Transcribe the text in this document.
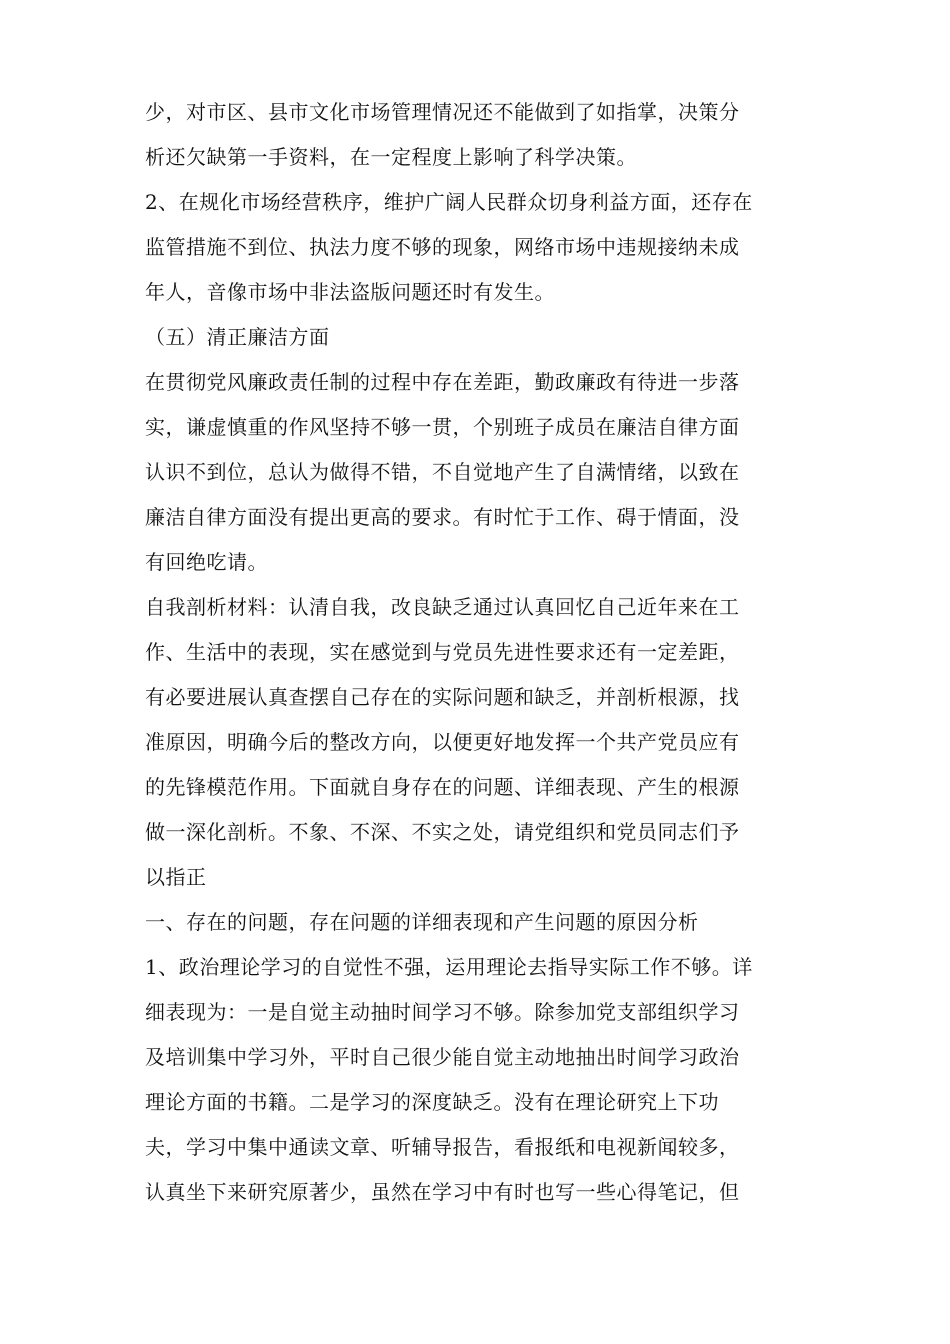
少，对市区、县市文化市场管理情况还不能做到了如指掌，决策分
析还欠缺第一手资料，在一定程度上影响了科学决策。
2、在规化市场经营秩序，维护广阔人民群众切身利益方面，还存在
监管措施不到位、执法力度不够的现象，网络市场中违规接纳未成
年人，音像市场中非法盗版问题还时有发生。
（五）清正廉洁方面
在贯彻党风廉政责任制的过程中存在差距，勤政廉政有待进一步落
实，谦虚慎重的作风坚持不够一贯，个别班子成员在廉洁自律方面
认识不到位，总认为做得不错，不自觉地产生了自满情绪，以致在
廉洁自律方面没有提出更高的要求。有时忙于工作、碍于情面，没
有回绝吃请。
自我剖析材料：认清自我，改良缺乏通过认真回忆自己近年来在工
作、生活中的表现，实在感觉到与党员先进性要求还有一定差距，
有必要进展认真查摆自己存在的实际问题和缺乏，并剖析根源，找
准原因，明确今后的整改方向，以便更好地发挥一个共产党员应有
的先锋模范作用。下面就自身存在的问题、详细表现、产生的根源
做一深化剖析。不象、不深、不实之处，请党组织和党员同志们予
以指正
一、存在的问题，存在问题的详细表现和产生问题的原因分析
1、政治理论学习的自觉性不强，运用理论去指导实际工作不够。详
细表现为：一是自觉主动抽时间学习不够。除参加党支部组织学习
及培训集中学习外，平时自己很少能自觉主动地抽出时间学习政治
理论方面的书籍。二是学习的深度缺乏。没有在理论研究上下功
夫，学习中集中通读文章、听辅导报告，看报纸和电视新闻较多，
认真坐下来研究原著少，虽然在学习中有时也写一些心得笔记，但
